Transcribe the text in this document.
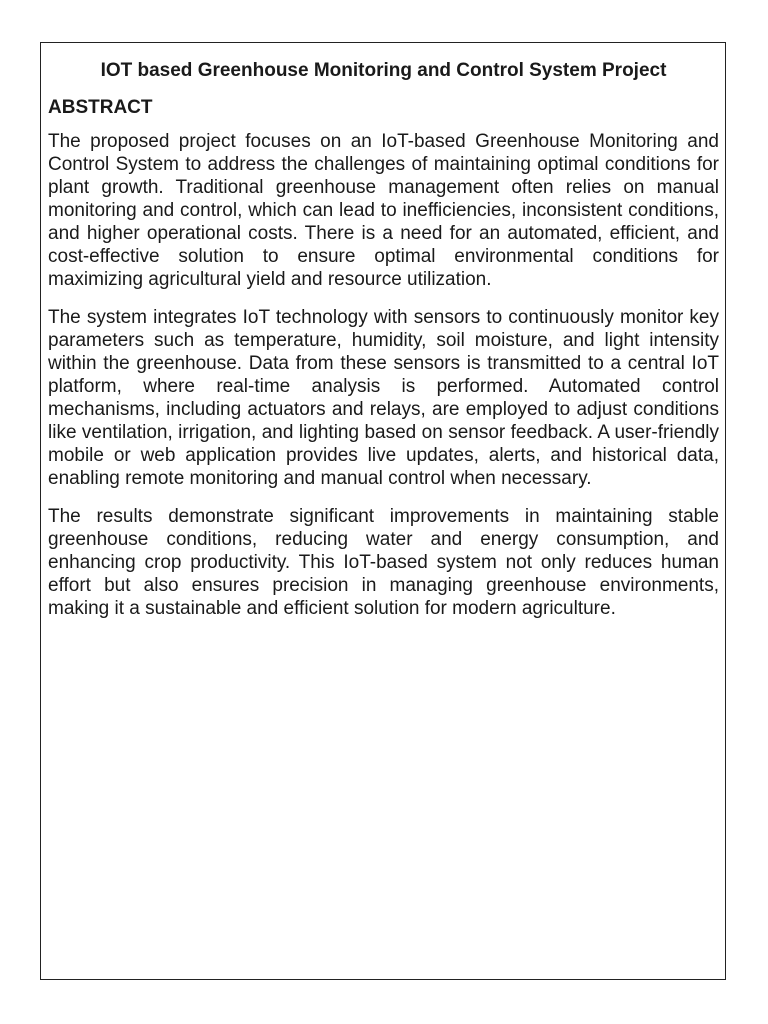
IOT based Greenhouse Monitoring and Control System Project
ABSTRACT

The proposed project focuses on an IoT-based Greenhouse Monitoring and Control System to address the challenges of maintaining optimal conditions for plant growth. Traditional greenhouse management often relies on manual monitoring and control, which can lead to inefficiencies, inconsistent conditions, and higher operational costs. There is a need for an automated, efficient, and cost-effective solution to ensure optimal environmental conditions for maximizing agricultural yield and resource utilization.

The system integrates IoT technology with sensors to continuously monitor key parameters such as temperature, humidity, soil moisture, and light intensity within the greenhouse. Data from these sensors is transmitted to a central IoT platform, where real-time analysis is performed. Automated control mechanisms, including actuators and relays, are employed to adjust conditions like ventilation, irrigation, and lighting based on sensor feedback. A user-friendly mobile or web application provides live updates, alerts, and historical data, enabling remote monitoring and manual control when necessary.

The results demonstrate significant improvements in maintaining stable greenhouse conditions, reducing water and energy consumption, and enhancing crop productivity. This IoT-based system not only reduces human effort but also ensures precision in managing greenhouse environments, making it a sustainable and efficient solution for modern agriculture.
